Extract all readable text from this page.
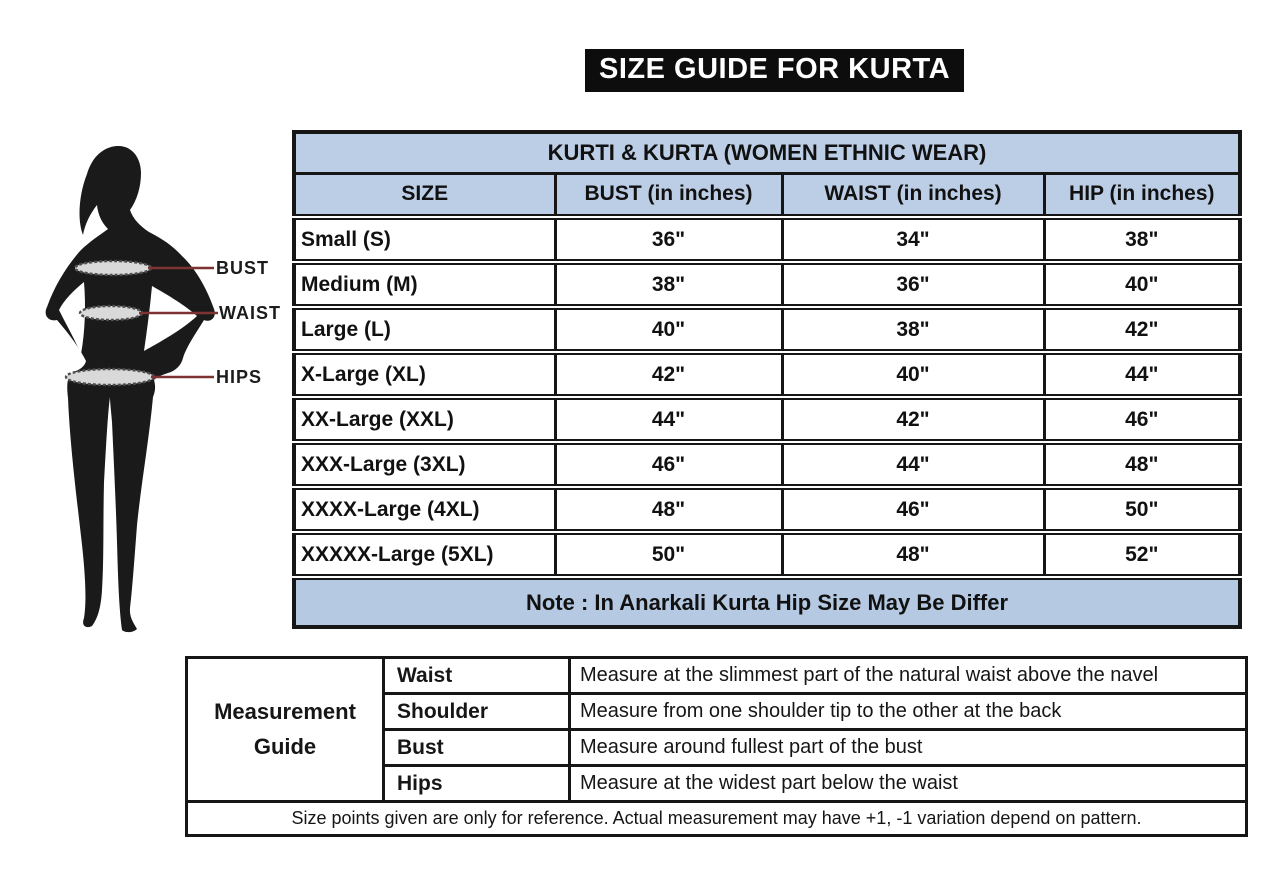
SIZE GUIDE FOR KURTA
BUST
WAIST
HIPS
KURTI & KURTA (WOMEN ETHNIC WEAR)			
SIZE	BUST (in inches)	WAIST (in inches)	HIP (in inches)
Small (S)	36"	34"	38"
Medium (M)	38"	36"	40"
Large (L)	40"	38"	42"
X-Large (XL)	42"	40"	44"
XX-Large (XXL)	44"	42"	46"
XXX-Large (3XL)	46"	44"	48"
XXXX-Large (4XL)	48"	46"	50"
XXXXX-Large (5XL)	50"	48"	52"
Note : In Anarkali Kurta Hip Size May Be Differ			
Measurement
Guide	Waist	Measure at the slimmest part of the natural waist above the navel
	Shoulder	Measure from one shoulder tip to the other at the back
	Bust	Measure around fullest part of the bust
	Hips	Measure at the widest part below the waist
Size points given are only for reference. Actual measurement may have +1, -1 variation depend on pattern.		
